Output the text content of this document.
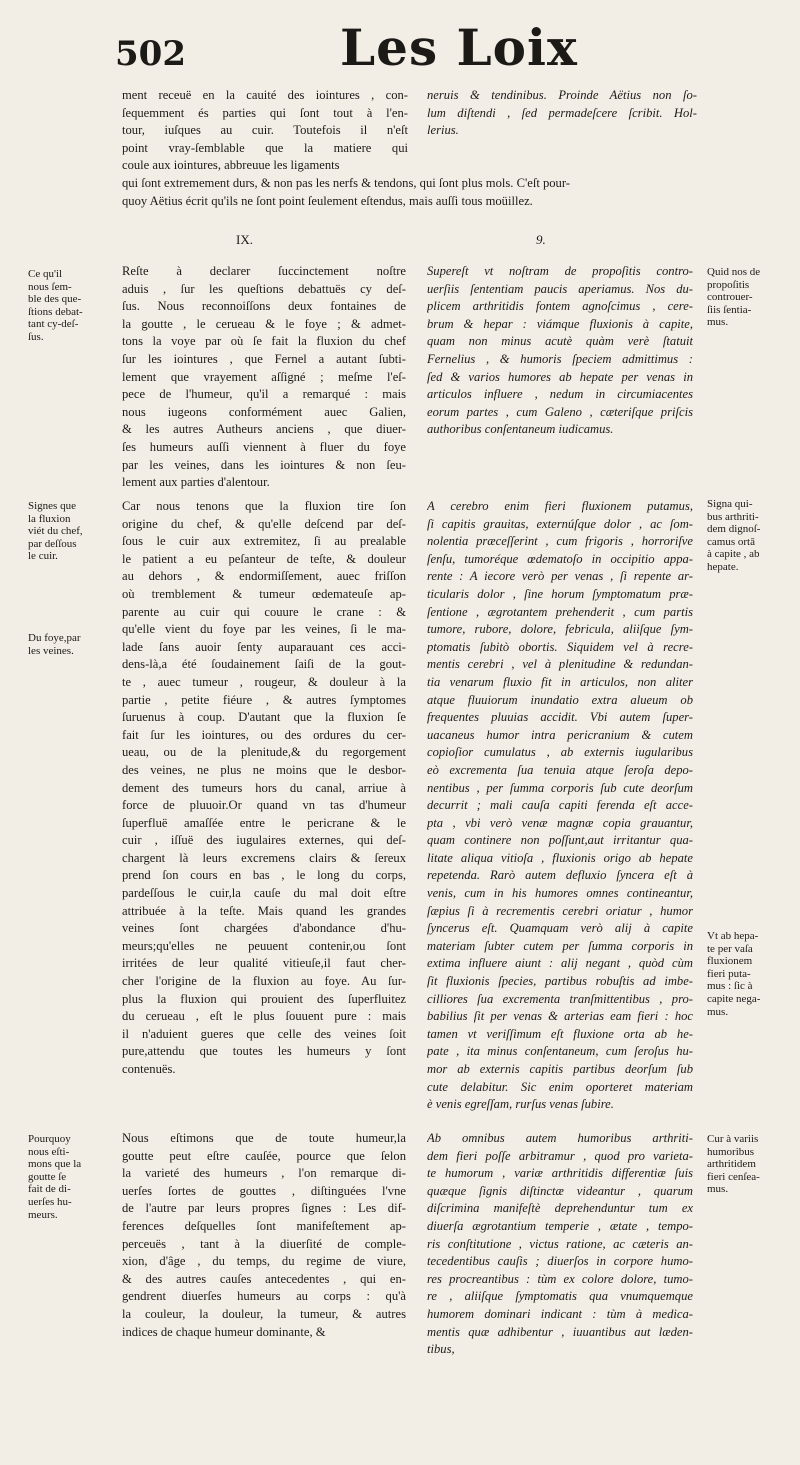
502	Les Loix
ment receuë en la cauité des iointures , con-
ſequemment és parties qui ſont tout à l'en-
tour, iuſques au cuir. Toutefois il n'eſt
point vray-ſemblable que la matiere qui
coule aux iointures, abbreuue les ligaments
neruis & tendinibus. Proinde Aëtius non ſo-
lum diſtendi , ſed permadeſcere ſcribit. Hol-
lerius.
qui ſont extremement durs, & non pas les nerfs & tendons, qui ſont plus mols. C'eſt pour-
quoy Aëtius écrit qu'ils ne ſont point ſeulement eſtendus, mais auſſi tous moüillez.
IX.	9.
Reſte à declarer ſuccinctement noſtre
aduis , ſur les queſtions debattuës cy deſ-
ſus. Nous reconnoiſſons deux fontaines de
la goutte , le cerueau & le foye ; & admet-
tons la voye par où ſe fait la fluxion du chef
ſur les iointures , que Fernel a autant ſubti-
lement que vrayement aſſigné ; meſme l'eſ-
pece de l'humeur, qu'il a remarqué : mais
nous iugeons conformément auec Galien,
& les autres Autheurs anciens , que diuer-
ſes humeurs auſſi viennent à fluer du foye
par les veines, dans les iointures & non ſeu-
lement aux parties d'alentour.
Car nous tenons que la fluxion tire ſon
origine du chef, & qu'elle deſcend par deſ-
ſous le cuir aux extremitez, ſi au prealable
le patient a eu peſanteur de teſte, & douleur
au dehors , & endormiſſement, auec friſſon
où tremblement & tumeur œdemateuſe ap-
parente au cuir qui couure le crane : &
qu'elle vient du foye par les veines, ſi le ma-
lade ſans auoir ſenty auparauant ces acci-
dens-là,a été ſoudainement ſaiſi de la gout-
te , auec tumeur , rougeur, & douleur à la
partie , petite fiéure , & autres ſymptomes
ſuruenus à coup. D'autant que la fluxion ſe
fait ſur les iointures, ou des ordures du cer-
ueau, ou de la plenitude,& du regorgement
des veines, ne plus ne moins que le desbor-
dement des tumeurs hors du canal, arriue à
force de pluuoir.Or quand vn tas d'humeur
ſuperfluë amaſſée entre le pericrane & le
cuir , iſſuë des iugulaires externes, qui deſ-
chargent là leurs excremens clairs & ſereux
prend ſon cours en bas , le long du corps,
pardeſſous le cuir,la cauſe du mal doit eſtre
attribuée à la teſte. Mais quand les grandes
veines ſont chargées d'abondance d'hu-
meurs;qu'elles ne peuuent contenir,ou ſont
irritées de leur qualité vitieuſe,il faut cher-
cher l'origine de la fluxion au foye. Au ſur-
plus la fluxion qui prouient des ſuperfluitez
du cerueau , eſt le plus ſouuent pure : mais
il n'aduient gueres que celle des veines ſoit
pure,attendu que toutes les humeurs y ſont
contenuës.
Nous eſtimons que de toute humeur,la
goutte peut eſtre cauſée, pource que ſelon
la varieté des humeurs , l'on remarque di-
uerſes ſortes de gouttes , diſtinguées l'vne
de l'autre par leurs propres ſignes : Les dif-
ferences deſquelles ſont manifeſtement ap-
perceuës , tant à la diuerſité de comple-
xion, d'âge , du temps, du regime de viure,
& des autres cauſes antecedentes , qui en-
gendrent diuerſes humeurs au corps : qu'à
la couleur, la douleur, la tumeur, & autres
indices de chaque humeur dominante, &
Supereſt vt noſtram de propoſitis contro-
uerſiis ſententiam paucis aperiamus. Nos du-
plicem arthritidis fontem agnoſcimus , cere-
brum & hepar : viámque fluxionis à capite,
quam non minus acutè quàm verè ſtatuit
Fernelius , & humoris ſpeciem admittimus :
ſed & varios humores ab hepate per venas in
articulos influere , nedum in circumiacentes
eorum partes , cum Galeno , cæteriſque priſcis
authoribus conſentaneum iudicamus.
A cerebro enim fieri fluxionem putamus,
ſi capitis grauitas, externúſque dolor , ac ſom-
nolentia præceſſerint , cum frigoris , horroriſve
ſenſu, tumoréque œdematoſo in occipitio appa-
rente : A iecore verò per venas , ſi repente ar-
ticularis dolor , ſine horum ſymptomatum præ-
ſentione , ægrotantem prehenderit , cum partis
tumore, rubore, dolore, febricula, aliiſque ſym-
ptomatis ſubitò obortis. Siquidem vel à recre-
mentis cerebri , vel à plenitudine & redundan-
tia venarum fluxio fit in articulos, non aliter
atque fluuiorum inundatio extra alueum ob
frequentes pluuias accidit. Vbi autem ſuper-
uacaneus humor intra pericranium & cutem
copioſior cumulatus , ab externis iugularibus
eò excrementa ſua tenuia atque ſeroſa depo-
nentibus , per ſumma corporis ſub cute deorſum
decurrit ; mali cauſa capiti ferenda eſt acce-
pta , vbi verò venæ magnæ copia grauantur,
quam continere non poſſunt,aut irritantur qua-
litate aliqua vitioſa , fluxionis origo ab hepate
repetenda. Rarò autem defluxio ſyncera eſt à
venis, cum in his humores omnes contineantur,
ſæpius ſi à recrementis cerebri oriatur , humor
ſyncerus eſt. Quamquam verò alij à capite
materiam ſubter cutem per ſumma corporis in
extima influere aiunt : alij negant , quòd cùm
ſit fluxionis ſpecies, partibus robuſtis ad imbe-
cilliores ſua excrementa tranſmittentibus , pro-
babilius ſit per venas & arterias eam fieri : hoc
tamen vt veriſſimum eſt fluxione orta ab he-
pate , ita minus conſentaneum, cum ſeroſus hu-
mor ab externis capitis partibus deorſum ſub
cute delabitur. Sic enim oporteret materiam
è venis egreſſam, rurſus venas ſubire.
Ab omnibus autem humoribus arthriti-
dem fieri poſſe arbitramur , quod pro varieta-
te humorum , variæ arthritidis differentiæ ſuis
quæque ſignis diſtinctæ videantur , quarum
diſcrimina manifeſtè deprehenduntur tum ex
diuerſa ægrotantium temperie , ætate , tempo-
ris conſtitutione , victus ratione, ac cæteris an-
tecedentibus cauſis ; diuerſos in corpore humo-
res procreantibus : tùm ex colore dolore, tumo-
re , aliiſque ſymptomatis qua vnumquemque
humorem dominari indicant : tùm à medica-
mentis quæ adhibentur , iuuantibus aut læden-
tibus,
Ce qu'il
nous ſem-
ble des que-
ſtions debat-
tant cy-deſ-
ſus.
Signes que
la fluxion
viét du chef,
par deſſous
le cuir.
Du foye,par
les veines.
Pourquoy
nous eſti-
mons que la
goutte ſe
fait de di-
uerſes hu-
meurs.
Quid nos de
propoſitis
controuer-
ſiis ſentia-
mus.
Signa qui-
bus arthriti-
dem dignoſ-
camus ortā
à capite , ab
hepate.
Vt ab hepa-
te per vaſa
fluxionem
fieri puta-
mus : ſic à
capite nega-
mus.
Cur à variis
humoribus
arthritidem
fieri cenſea-
mus.
